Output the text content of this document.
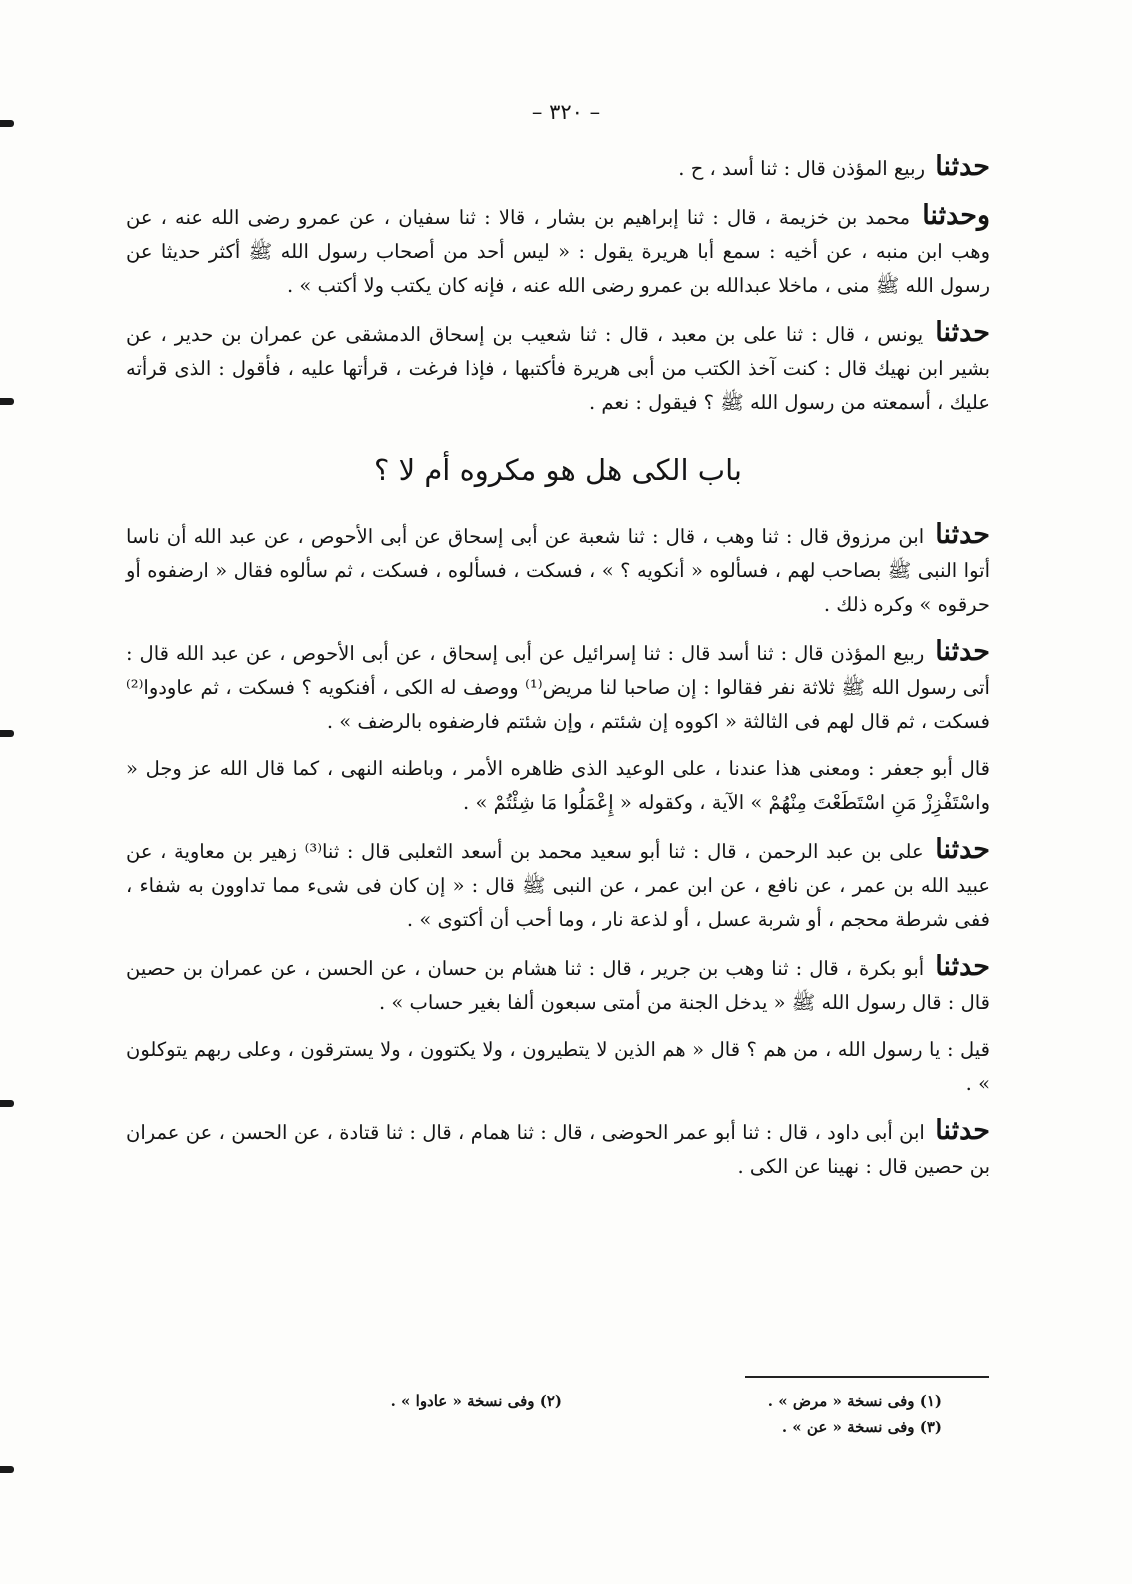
– ٣٢٠ –

حدثنا ربيع المؤذن قال : ثنا أسد ، ح .

وحدثنا محمد بن خزيمة ، قال : ثنا إبراهيم بن بشار ، قالا : ثنا سفيان ، عن عمرو رضى الله عنه ، عن وهب ابن منبه ، عن أخيه : سمع أبا هريرة يقول : « ليس أحد من أصحاب رسول الله ﷺ أكثر حديثا عن رسول الله ﷺ منى ، ماخلا عبدالله بن عمرو رضى الله عنه ، فإنه كان يكتب ولا أكتب » .

حدثنا يونس ، قال : ثنا على بن معبد ، قال : ثنا شعيب بن إسحاق الدمشقى عن عمران بن حدير ، عن بشير ابن نهيك قال : كنت آخذ الكتب من أبى هريرة فأكتبها ، فإذا فرغت ، قرأتها عليه ، فأقول : الذى قرأته عليك ، أسمعته من رسول الله ﷺ ؟ فيقول : نعم .

باب الكى هل هو مكروه أم لا ؟

حدثنا ابن مرزوق قال : ثنا وهب ، قال : ثنا شعبة عن أبى إسحاق عن أبى الأحوص ، عن عبد الله أن ناسا أتوا النبى ﷺ بصاحب لهم ، فسألوه « أنكويه ؟ » ، فسكت ، فسألوه ، فسكت ، ثم سألوه فقال « ارضفوه أو حرقوه » وكره ذلك .

حدثنا ربيع المؤذن قال : ثنا أسد قال : ثنا إسرائيل عن أبى إسحاق ، عن أبى الأحوص ، عن عبد الله قال : أتى رسول الله ﷺ ثلاثة نفر فقالوا : إن صاحبا لنا مريض⁽¹⁾ ووصف له الكى ، أفنكويه ؟ فسكت ، ثم عاودوا⁽²⁾ فسكت ، ثم قال لهم فى الثالثة « اكووه إن شئتم ، وإن شئتم فارضفوه بالرضف » .

قال أبو جعفر : ومعنى هذا عندنا ، على الوعيد الذى ظاهره الأمر ، وباطنه النهى ، كما قال الله عز وجل « واسْتَفْزِزْ مَنِ اسْتَطَعْتَ مِنْهُمْ » الآية ، وكقوله « إِعْمَلُوا مَا شِئْتُمْ » .

حدثنا على بن عبد الرحمن ، قال : ثنا أبو سعيد محمد بن أسعد الثعلبى قال : ثنا⁽³⁾ زهير بن معاوية ، عن عبيد الله بن عمر ، عن نافع ، عن ابن عمر ، عن النبى ﷺ قال : « إن كان فى شىء مما تداوون به شفاء ، ففى شرطة محجم ، أو شربة عسل ، أو لذعة نار ، وما أحب أن أكتوى » .

حدثنا أبو بكرة ، قال : ثنا وهب بن جرير ، قال : ثنا هشام بن حسان ، عن الحسن ، عن عمران بن حصين قال : قال رسول الله ﷺ « يدخل الجنة من أمتى سبعون ألفا بغير حساب » .

قيل : يا رسول الله ، من هم ؟ قال « هم الذين لا يتطيرون ، ولا يكتوون ، ولا يسترقون ، وعلى ربهم يتوكلون » .

حدثنا ابن أبى داود ، قال : ثنا أبو عمر الحوضى ، قال : ثنا همام ، قال : ثنا قتادة ، عن الحسن ، عن عمران بن حصين قال : نهينا عن الكى .

(١) وفى نسخة « مرض » .
(٣) وفى نسخة « عن » .
(٢) وفى نسخة « عادوا » .
